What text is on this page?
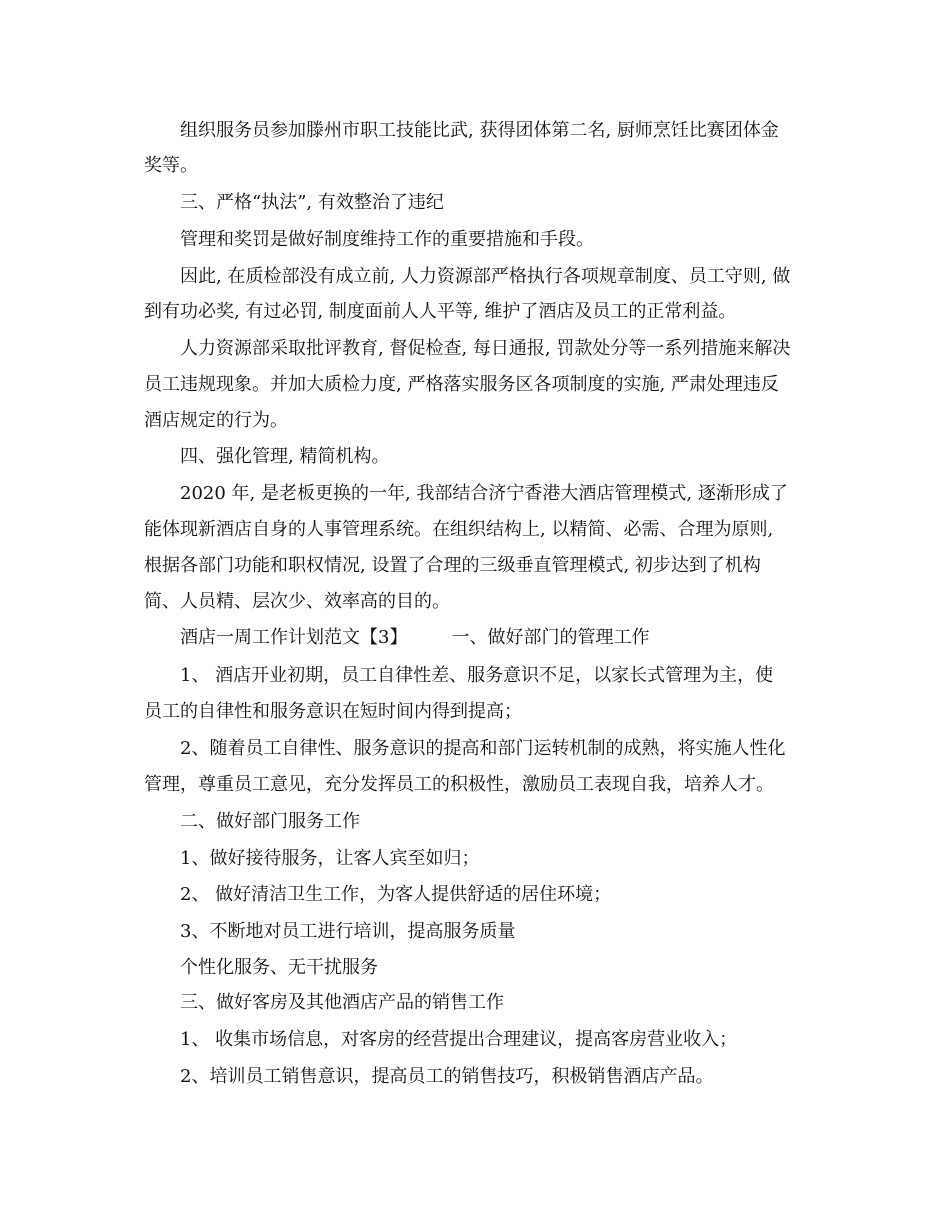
组织服务员参加滕州市职工技能比武, 获得团体第二名, 厨师烹饪比赛团体金
奖等。
三、严格“执法”, 有效整治了违纪
管理和奖罚是做好制度维持工作的重要措施和手段。
因此, 在质检部没有成立前, 人力资源部严格执行各项规章制度、员工守则, 做
到有功必奖, 有过必罚, 制度面前人人平等, 维护了酒店及员工的正常利益。
人力资源部采取批评教育, 督促检查, 每日通报, 罚款处分等一系列措施来解决
员工违规现象。并加大质检力度, 严格落实服务区各项制度的实施, 严肃处理违反
酒店规定的行为。
四、强化管理, 精简机构。
2020 年, 是老板更换的一年, 我部结合济宁香港大酒店管理模式, 逐渐形成了
能体现新酒店自身的人事管理系统。在组织结构上, 以精简、必需、合理为原则,
根据各部门功能和职权情况, 设置了合理的三级垂直管理模式, 初步达到了机构
简、人员精、层次少、效率高的目的。
酒店一周工作计划范文【3】 一、做好部门的管理工作
1、 酒店开业初期，员工自律性差、服务意识不足，以家长式管理为主，使
员工的自律性和服务意识在短时间内得到提高；
2、随着员工自律性、服务意识的提高和部门运转机制的成熟，将实施人性化
管理，尊重员工意见，充分发挥员工的积极性，激励员工表现自我，培养人才。
二、做好部门服务工作
1、做好接待服务，让客人宾至如归；
2、 做好清洁卫生工作，为客人提供舒适的居住环境；
3、不断地对员工进行培训，提高服务质量
个性化服务、无干扰服务
三、做好客房及其他酒店产品的销售工作
1、 收集市场信息，对客房的经营提出合理建议，提高客房营业收入；
2、培训员工销售意识，提高员工的销售技巧，积极销售酒店产品。
